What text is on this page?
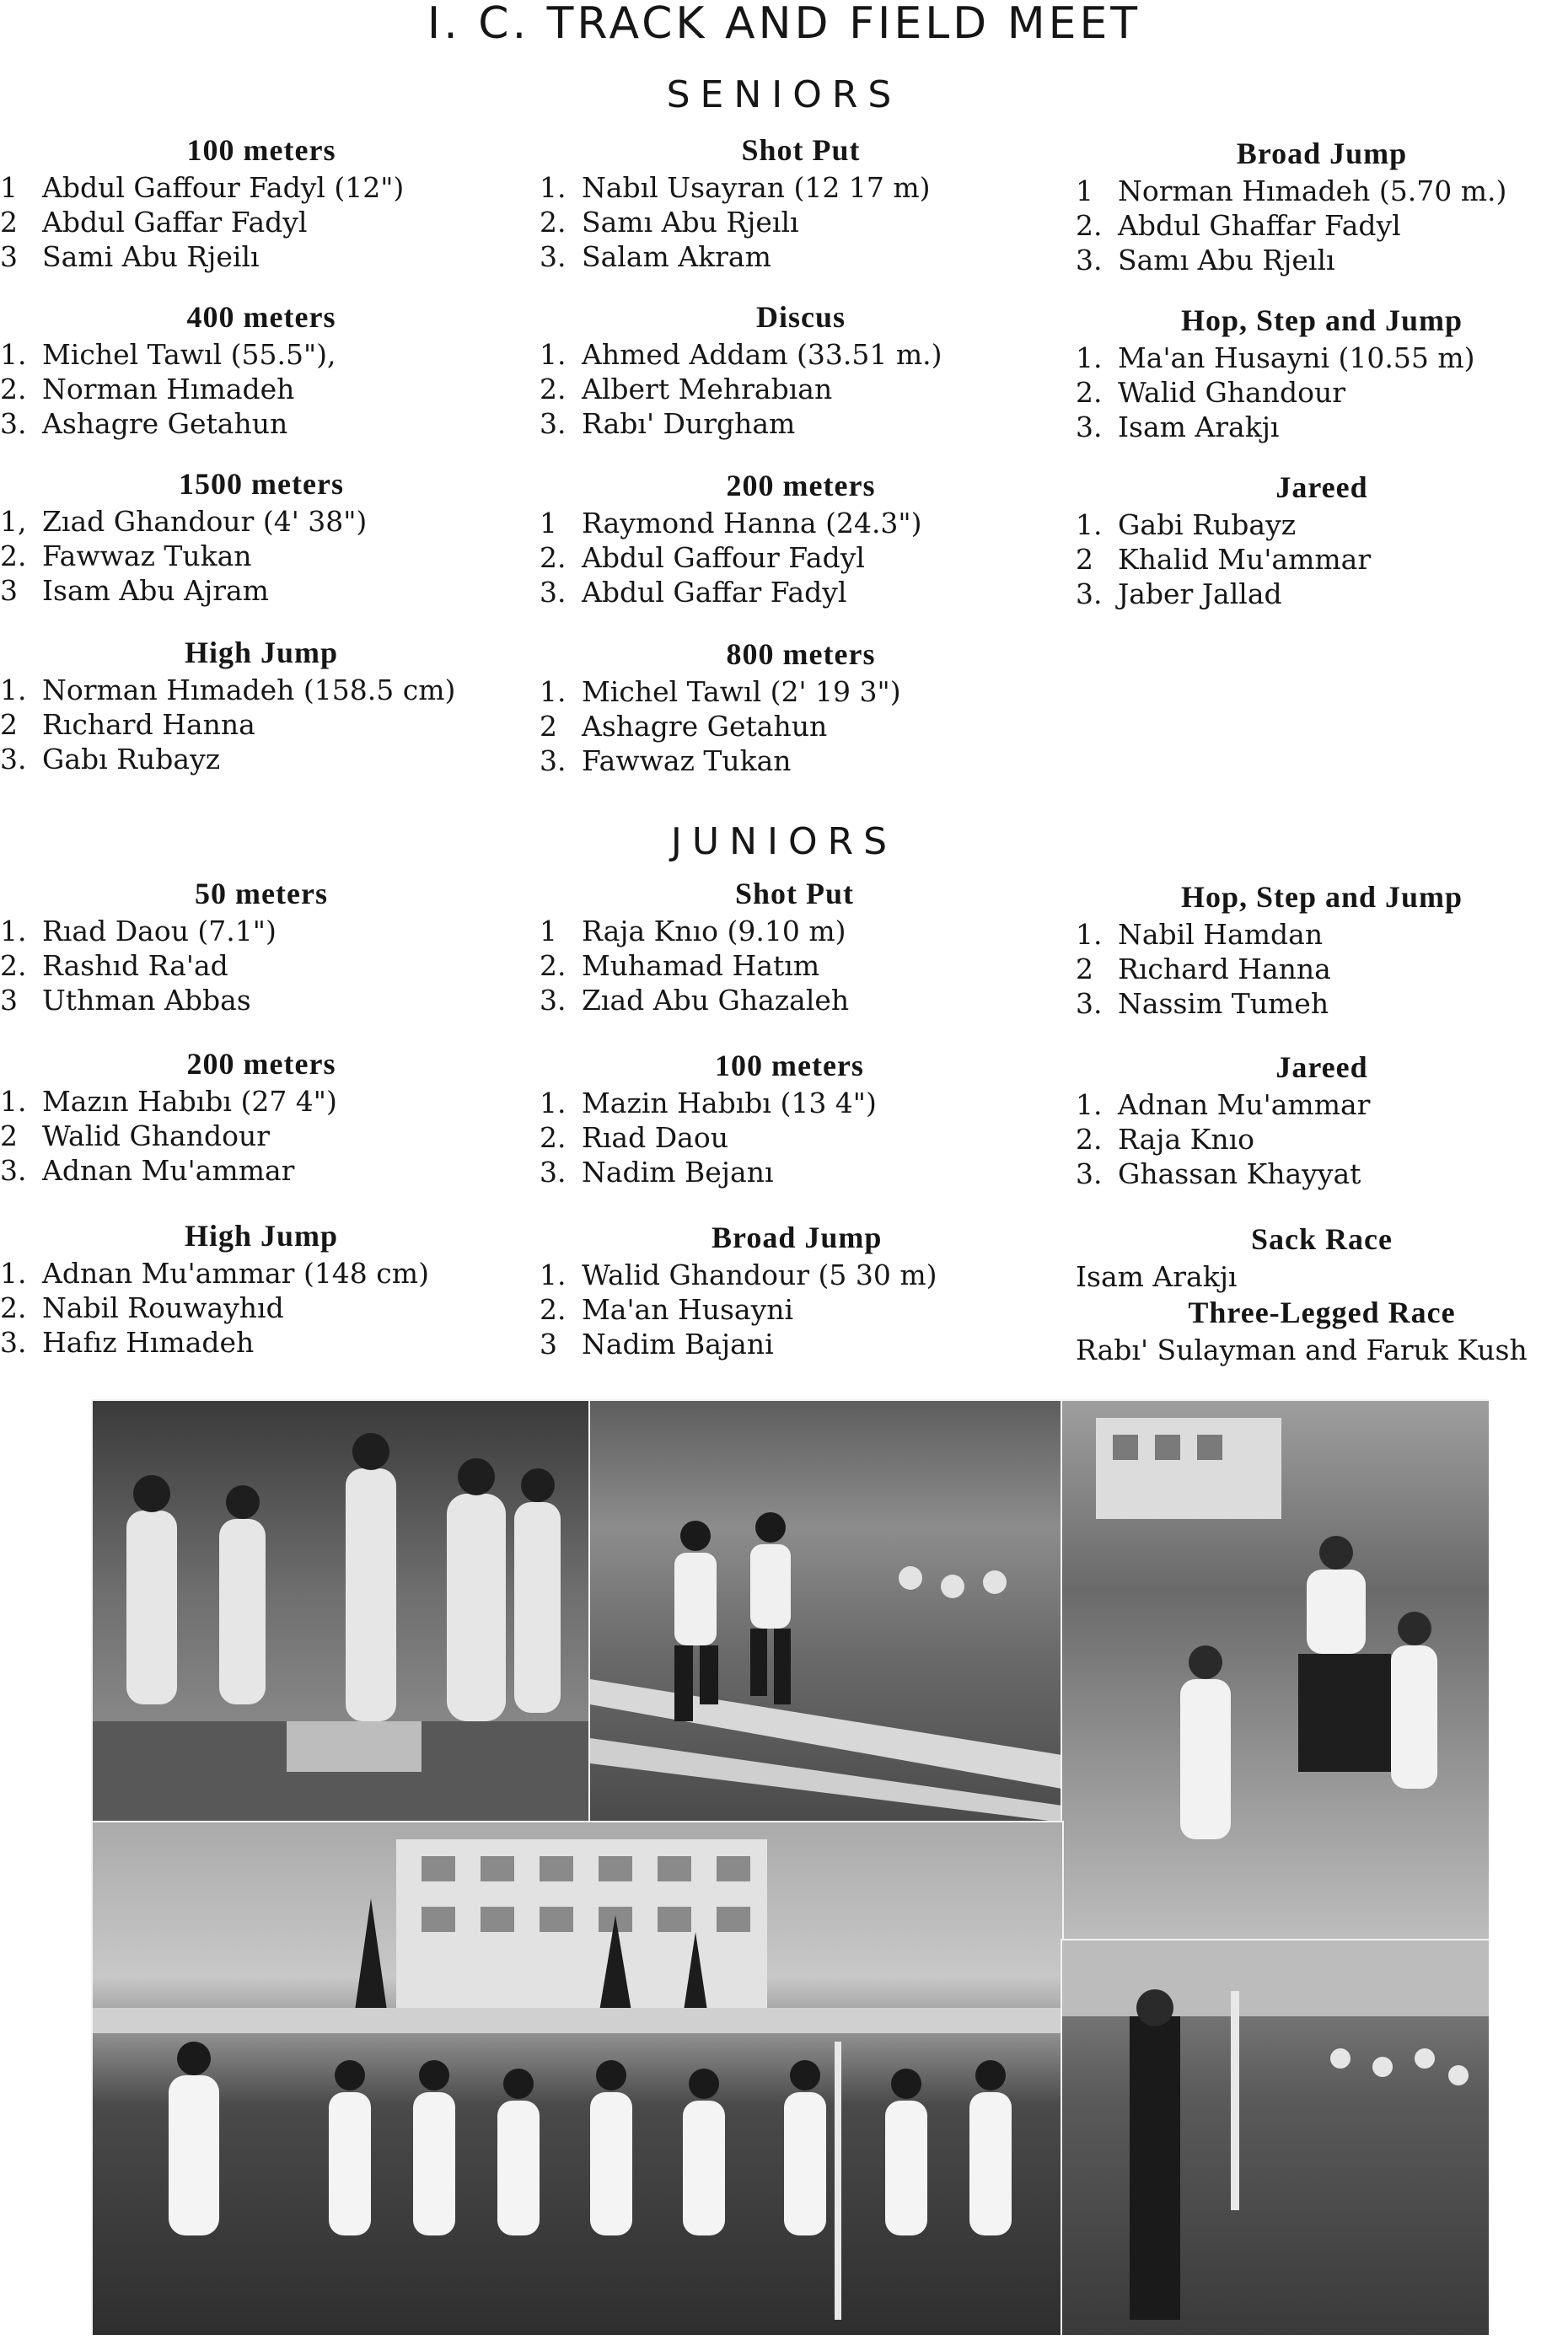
I. C. TRACK AND FIELD MEET
SENIORS
100 meters
1 Abdul Gaffour Fadyl (12")
2 Abdul Gaffar Fadyl
3 Sami Abu Rjeilı
Shot Put
1. Nabıl Usayran (12 17 m)
2. Samı Abu Rjeılı
3. Salam Akram
Broad Jump
1 Norman Hımadeh (5.70 m.)
2. Abdul Ghaffar Fadyl
3. Samı Abu Rjeılı
400 meters
1. Michel Tawıl (55.5"),
2. Norman Hımadeh
3. Ashagre Getahun
Discus
1. Ahmed Addam (33.51 m.)
2. Albert Mehrabıan
3. Rabı' Durgham
Hop, Step and Jump
1. Ma'an Husayni (10.55 m)
2. Walid Ghandour
3. Isam Arakjı
1500 meters
1, Zıad Ghandour (4' 38")
2. Fawwaz Tukan
3 Isam Abu Ajram
200 meters
1 Raymond Hanna (24.3")
2. Abdul Gaffour Fadyl
3. Abdul Gaffar Fadyl
Jareed
1. Gabi Rubayz
2 Khalid Mu'ammar
3. Jaber Jallad
High Jump
1. Norman Hımadeh (158.5 cm)
2 Rıchard Hanna
3. Gabı Rubayz
800 meters
1. Michel Tawıl (2' 19 3")
2 Ashagre Getahun
3. Fawwaz Tukan
JUNIORS
50 meters
1. Rıad Daou (7.1")
2. Rashıd Ra'ad
3 Uthman Abbas
Shot Put
1 Raja Knıo (9.10 m)
2. Muhamad Hatım
3. Zıad Abu Ghazaleh
Hop, Step and Jump
1. Nabil Hamdan
2 Rıchard Hanna
3. Nassim Tumeh
200 meters
1. Mazın Habıbı (27 4")
2 Walid Ghandour
3. Adnan Mu'ammar
100 meters
1. Mazin Habıbı (13 4")
2. Rıad Daou
3. Nadim Bejanı
Jareed
1. Adnan Mu'ammar
2. Raja Knıo
3. Ghassan Khayyat
High Jump
1. Adnan Mu'ammar (148 cm)
2. Nabil Rouwayhıd
3. Hafız Hımadeh
Broad Jump
1. Walid Ghandour (5 30 m)
2. Ma'an Husayni
3 Nadim Bajani
Sack Race
Isam Arakjı
Three-Legged Race
Rabı' Sulayman and Faruk Kush
